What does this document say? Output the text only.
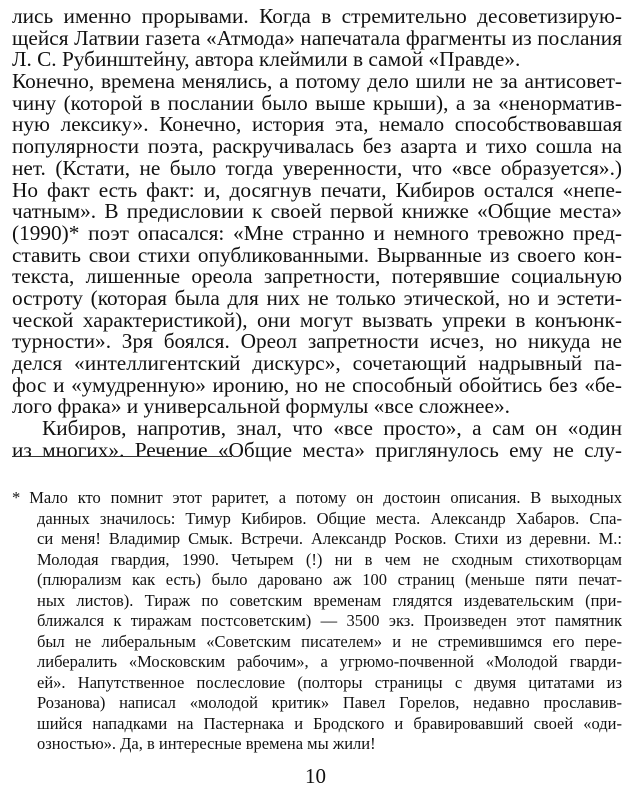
лись именно прорывами. Когда в стремительно десоветизирую-
щейся Латвии газета «Атмода» напечатала фрагменты из послания
Л. С. Рубинштейну, автора клеймили в самой «Правде».
Конечно, времена менялись, а потому дело шили не за антисовет-
чину (которой в послании было выше крыши), а за «ненорматив-
ную лексику». Конечно, история эта, немало способствовавшая
популярности поэта, раскручивалась без азарта и тихо сошла на
нет. (Кстати, не было тогда уверенности, что «все образуется».)
Но факт есть факт: и, досягнув печати, Кибиров остался «непе-
чатным». В предисловии к своей первой книжке «Общие места»
(1990)* поэт опасался: «Мне странно и немного тревожно пред-
ставить свои стихи опубликованными. Вырванные из своего кон-
текста, лишенные ореола запретности, потерявшие социальную
остроту (которая была для них не только этической, но и эстети-
ческой характеристикой), они могут вызвать упреки в конъюнк-
турности». Зря боялся. Ореол запретности исчез, но никуда не
делся «интеллигентский дискурс», сочетающий надрывный па-
фос и «умудренную» иронию, но не способный обойтись без «бе-
лого фрака» и универсальной формулы «все сложнее».
Кибиров, напротив, знал, что «все просто», а сам он «один
из многих». Речение «Общие места» приглянулось ему не слу-
* Мало кто помнит этот раритет, а потому он достоин описания. В выходных
данных значилось: Тимур Кибиров. Общие места. Александр Хабаров. Спа-
си меня! Владимир Смык. Встречи. Александр Росков. Стихи из деревни. М.:
Молодая гвардия, 1990. Четырем (!) ни в чем не сходным стихотворцам
(плюрализм как есть) было даровано аж 100 страниц (меньше пяти печат-
ных листов). Тираж по советским временам глядятся издевательским (при-
ближался к тиражам постсоветским) — 3500 экз. Произведен этот памятник
был не либеральным «Советским писателем» и не стремившимся его пере-
либералить «Московским рабочим», а угрюмо-почвенной «Молодой гварди-
ей». Напутственное послесловие (полторы страницы с двумя цитатами из
Розанова) написал «молодой критик» Павел Горелов, недавно прославив-
шийся нападками на Пастернака и Бродского и бравировавший своей «оди-
озностью». Да, в интересные времена мы жили!
10
